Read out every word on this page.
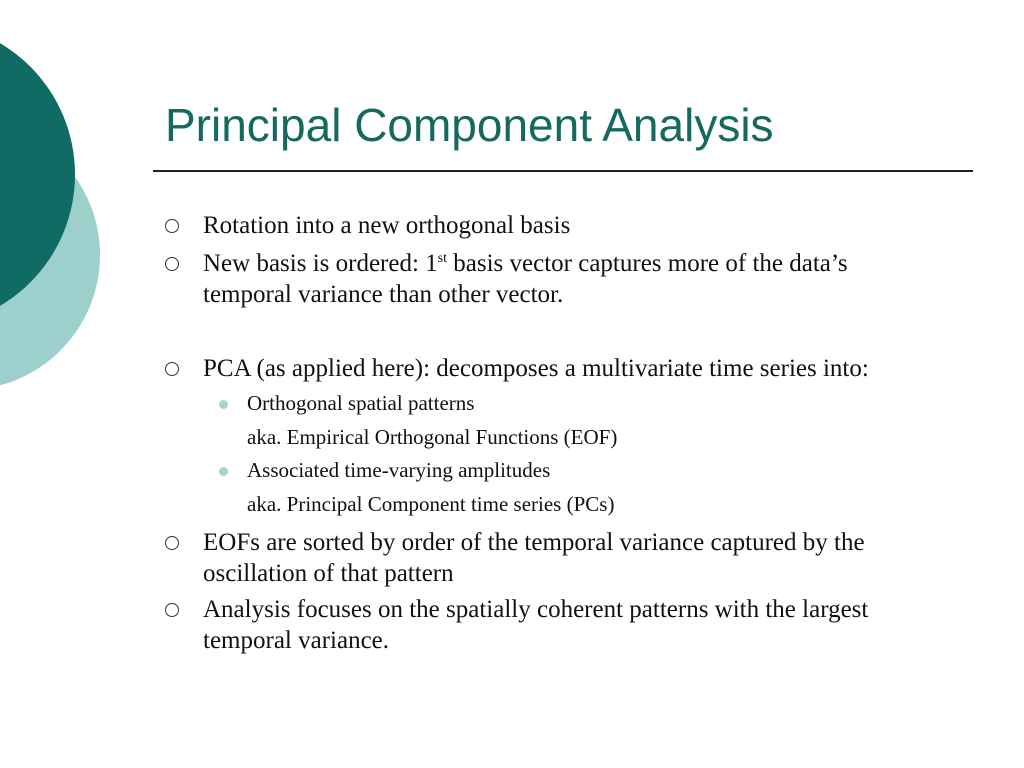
Principal Component Analysis

Rotation into a new orthogonal basis

New basis is ordered: 1st basis vector captures more of the data’s

temporal variance than other vector.

PCA (as applied here): decomposes a multivariate time series into:

Orthogonal spatial patterns

aka. Empirical Orthogonal Functions (EOF)

Associated time-varying amplitudes

aka. Principal Component time series (PCs)

EOFs are sorted by order of the temporal variance captured by the

oscillation of that pattern

Analysis focuses on the spatially coherent patterns with the largest

temporal variance.
